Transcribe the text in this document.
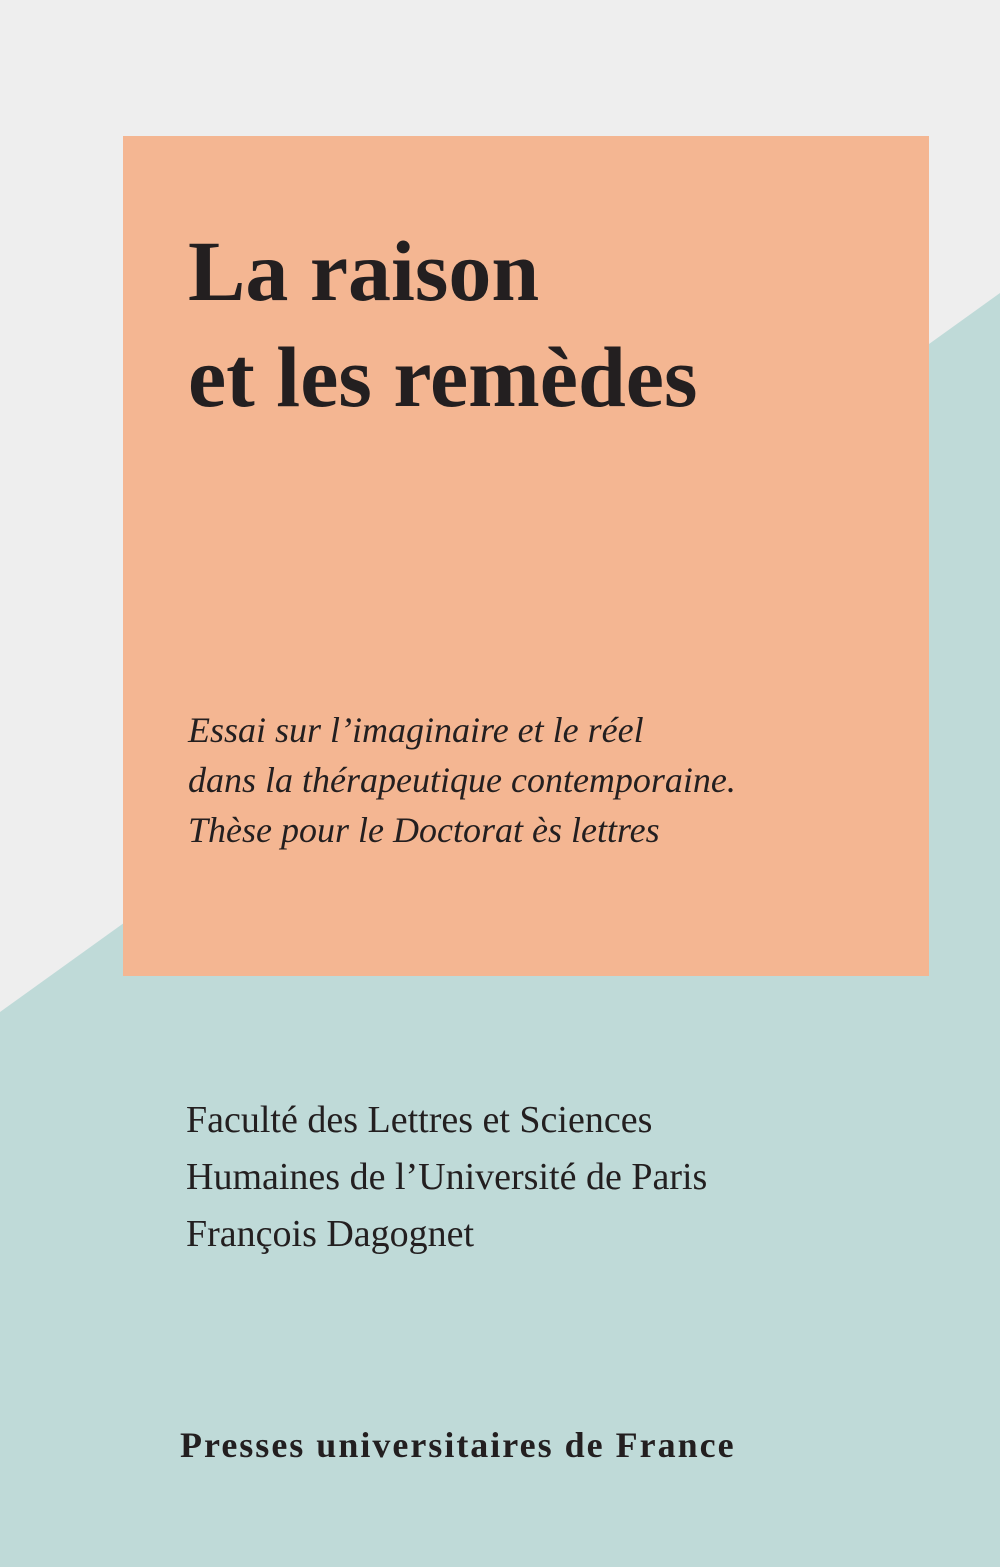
La raison
et les remèdes

Essai sur l’imaginaire et le réel
dans la thérapeutique contemporaine.
Thèse pour le Doctorat ès lettres

Faculté des Lettres et Sciences
Humaines de l’Université de Paris
François Dagognet

Presses universitaires de France
